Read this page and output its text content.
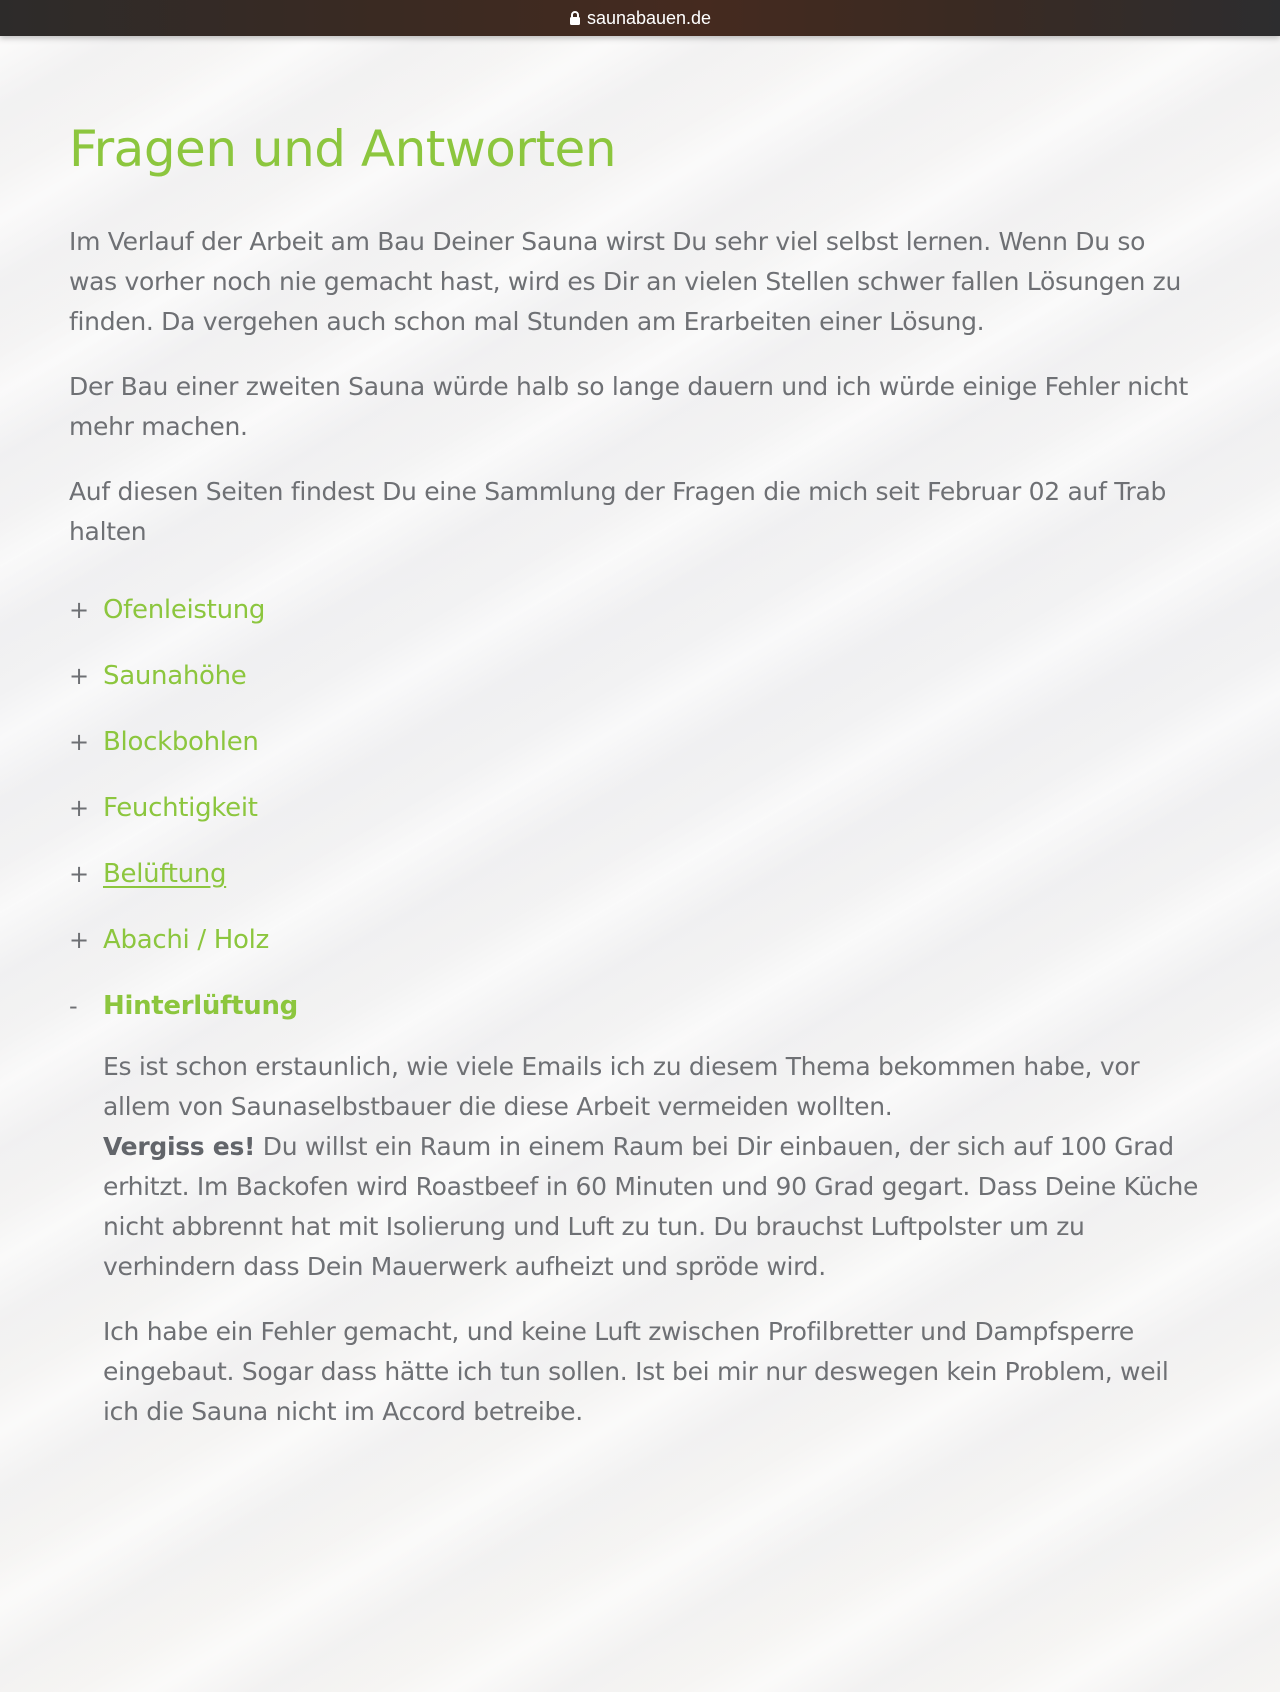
saunabauen.de
Fragen und Antworten

Im Verlauf der Arbeit am Bau Deiner Sauna wirst Du sehr viel selbst lernen. Wenn Du so was vorher noch nie gemacht hast, wird es Dir an vielen Stellen schwer fallen Lösungen zu finden. Da vergehen auch schon mal Stunden am Erarbeiten einer Lösung.

Der Bau einer zweiten Sauna würde halb so lange dauern und ich würde einige Fehler nicht mehr machen.

Auf diesen Seiten findest Du eine Sammlung der Fragen die mich seit Februar 02 auf Trab halten

+ Ofenleistung
+ Saunahöhe
+ Blockbohlen
+ Feuchtigkeit
+ Belüftung
+ Abachi / Holz
- Hinterlüftung

Es ist schon erstaunlich, wie viele Emails ich zu diesem Thema bekommen habe, vor allem von Saunaselbstbauer die diese Arbeit vermeiden wollten.
Vergiss es! Du willst ein Raum in einem Raum bei Dir einbauen, der sich auf 100 Grad erhitzt. Im Backofen wird Roastbeef in 60 Minuten und 90 Grad gegart. Dass Deine Küche nicht abbrennt hat mit Isolierung und Luft zu tun. Du brauchst Luftpolster um zu verhindern dass Dein Mauerwerk aufheizt und spröde wird.

Ich habe ein Fehler gemacht, und keine Luft zwischen Profilbretter und Dampfsperre eingebaut. Sogar dass hätte ich tun sollen. Ist bei mir nur deswegen kein Problem, weil ich die Sauna nicht im Accord betreibe.
